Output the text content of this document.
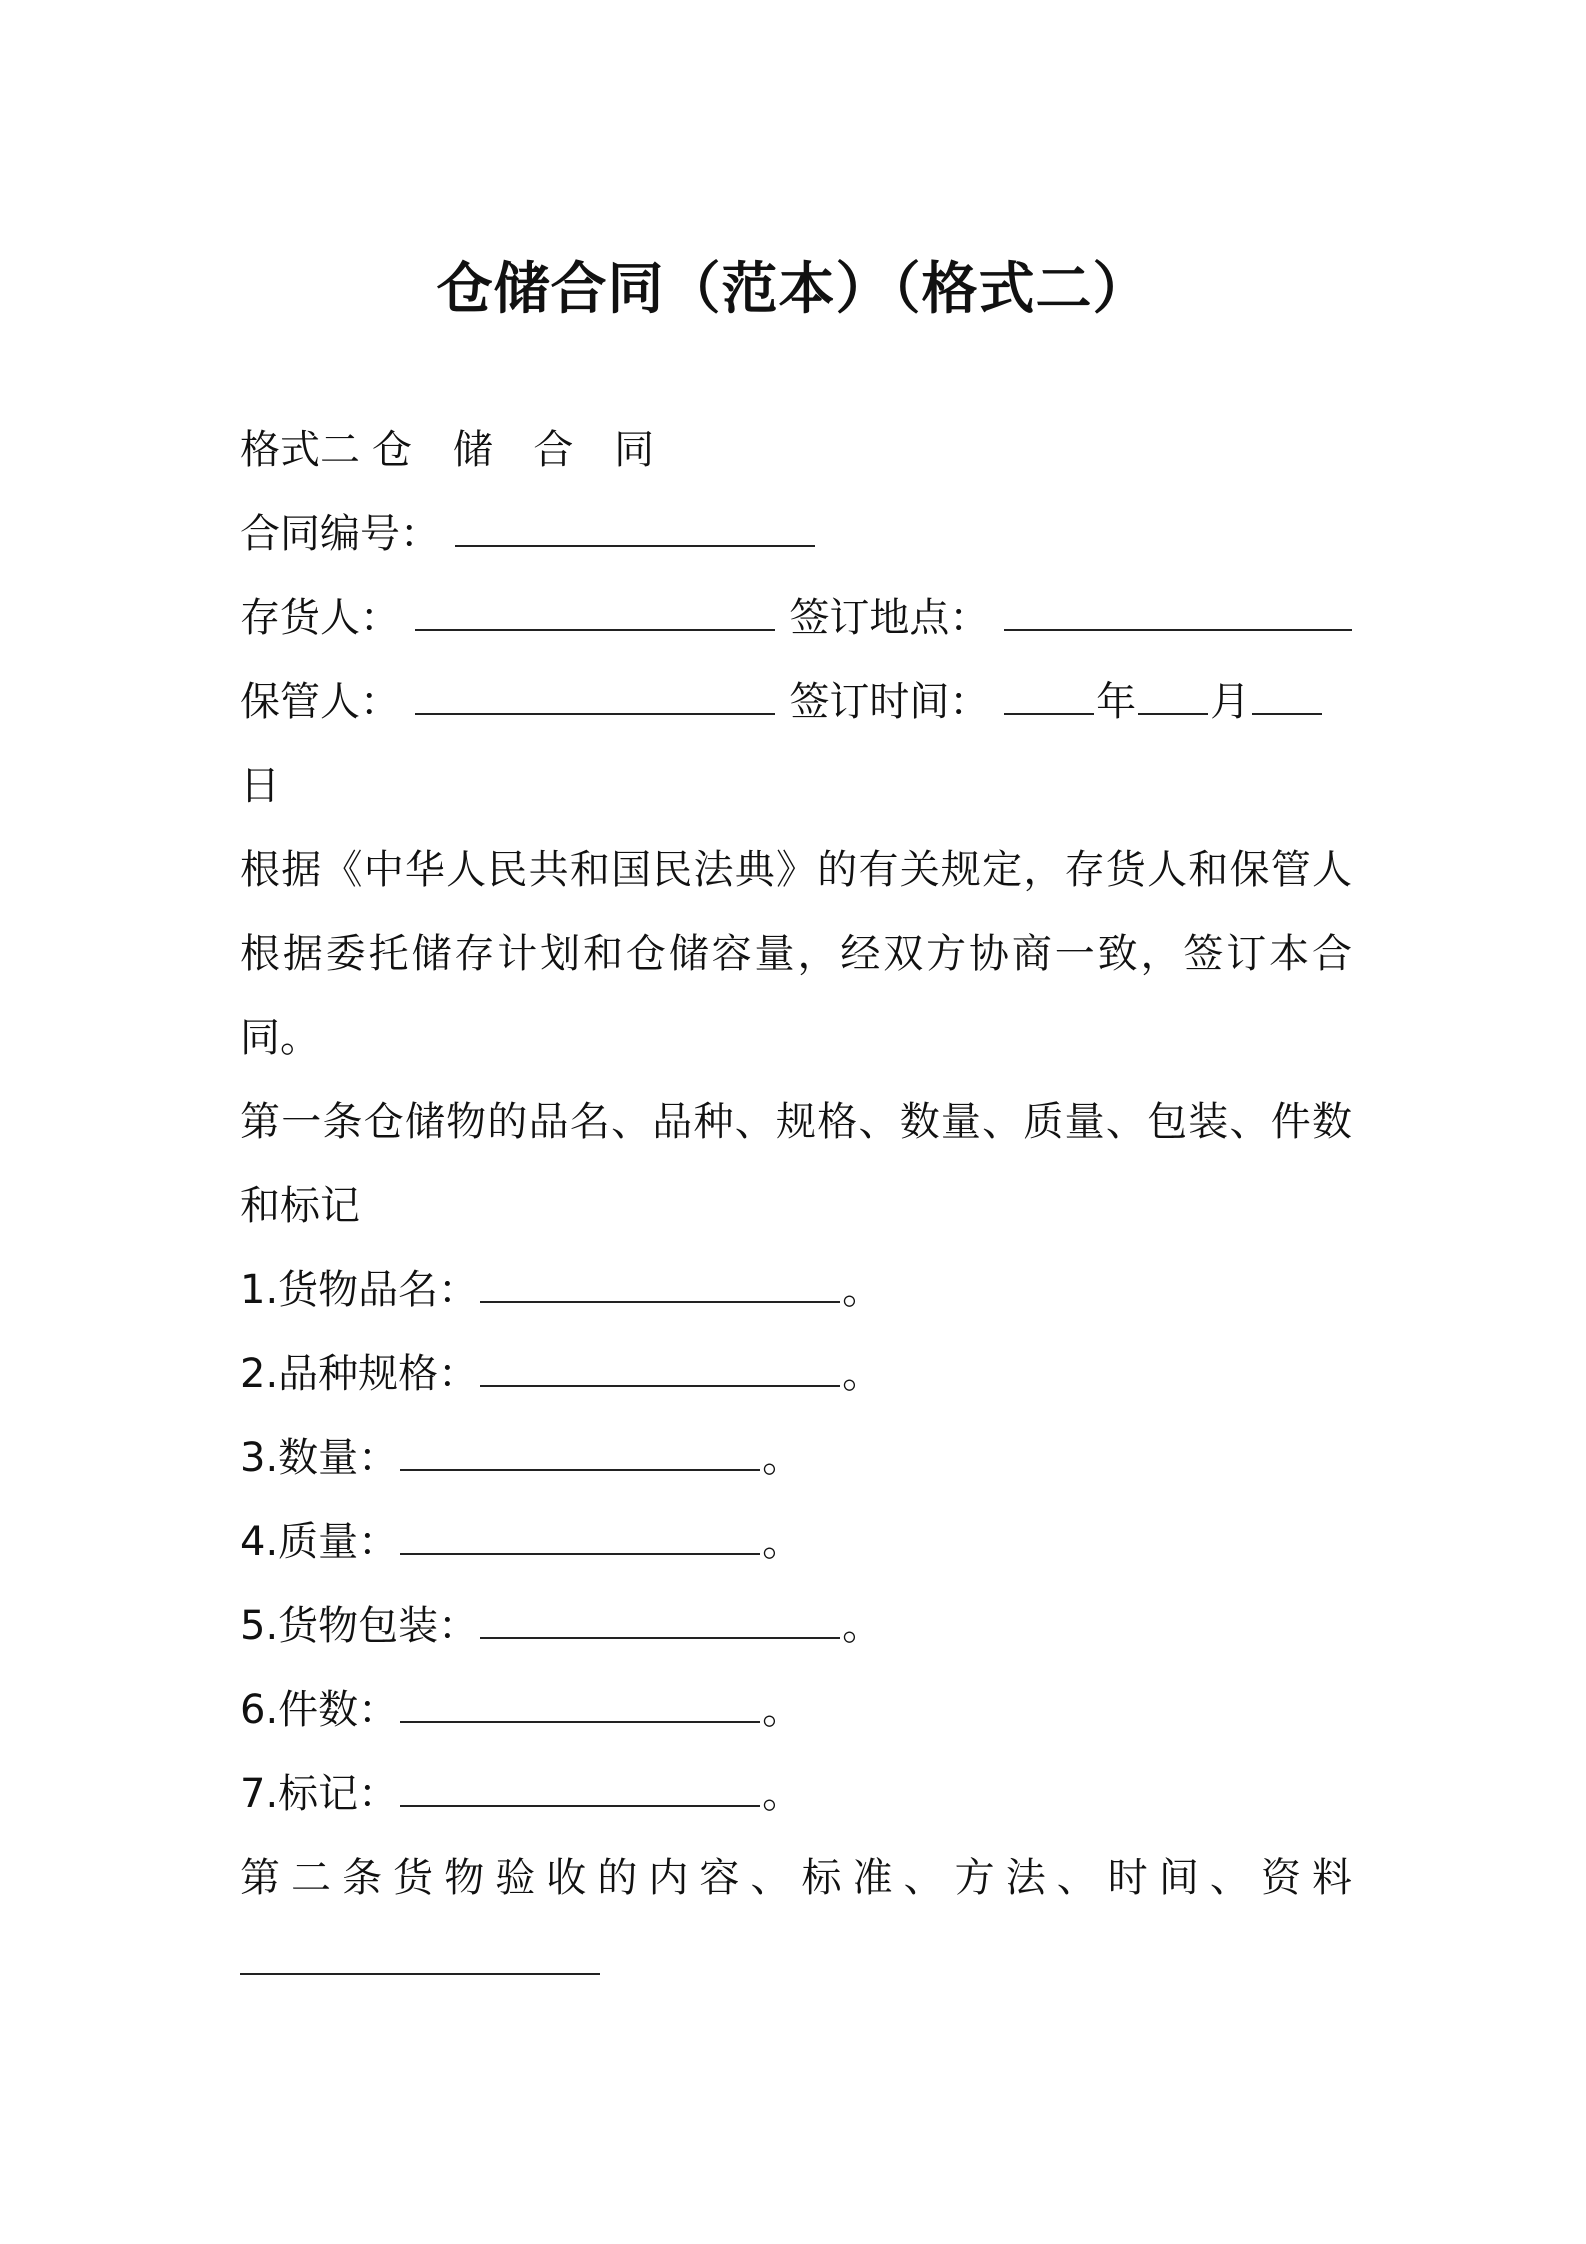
仓储合同（范本）（格式二）
格式二 仓 储 合 同
合同编号：
存货人：	签订地点：
保管人：	签订时间：	年 月
日

根据《中华人民共和国民法典》的有关规定，存货人和保管人根据委托储存计划和仓储容量，经双方协商一致，签订本合同。

第一条仓储物的品名、品种、规格、数量、质量、包装、件数和标记

1.货物品名：	。
2.品种规格：	。
3.数量：	。
4.质量：	。
5.货物包装：	。
6.件数：	。
7.标记：	。
第二条货物验收的内容、标准、方法、时间、资料
